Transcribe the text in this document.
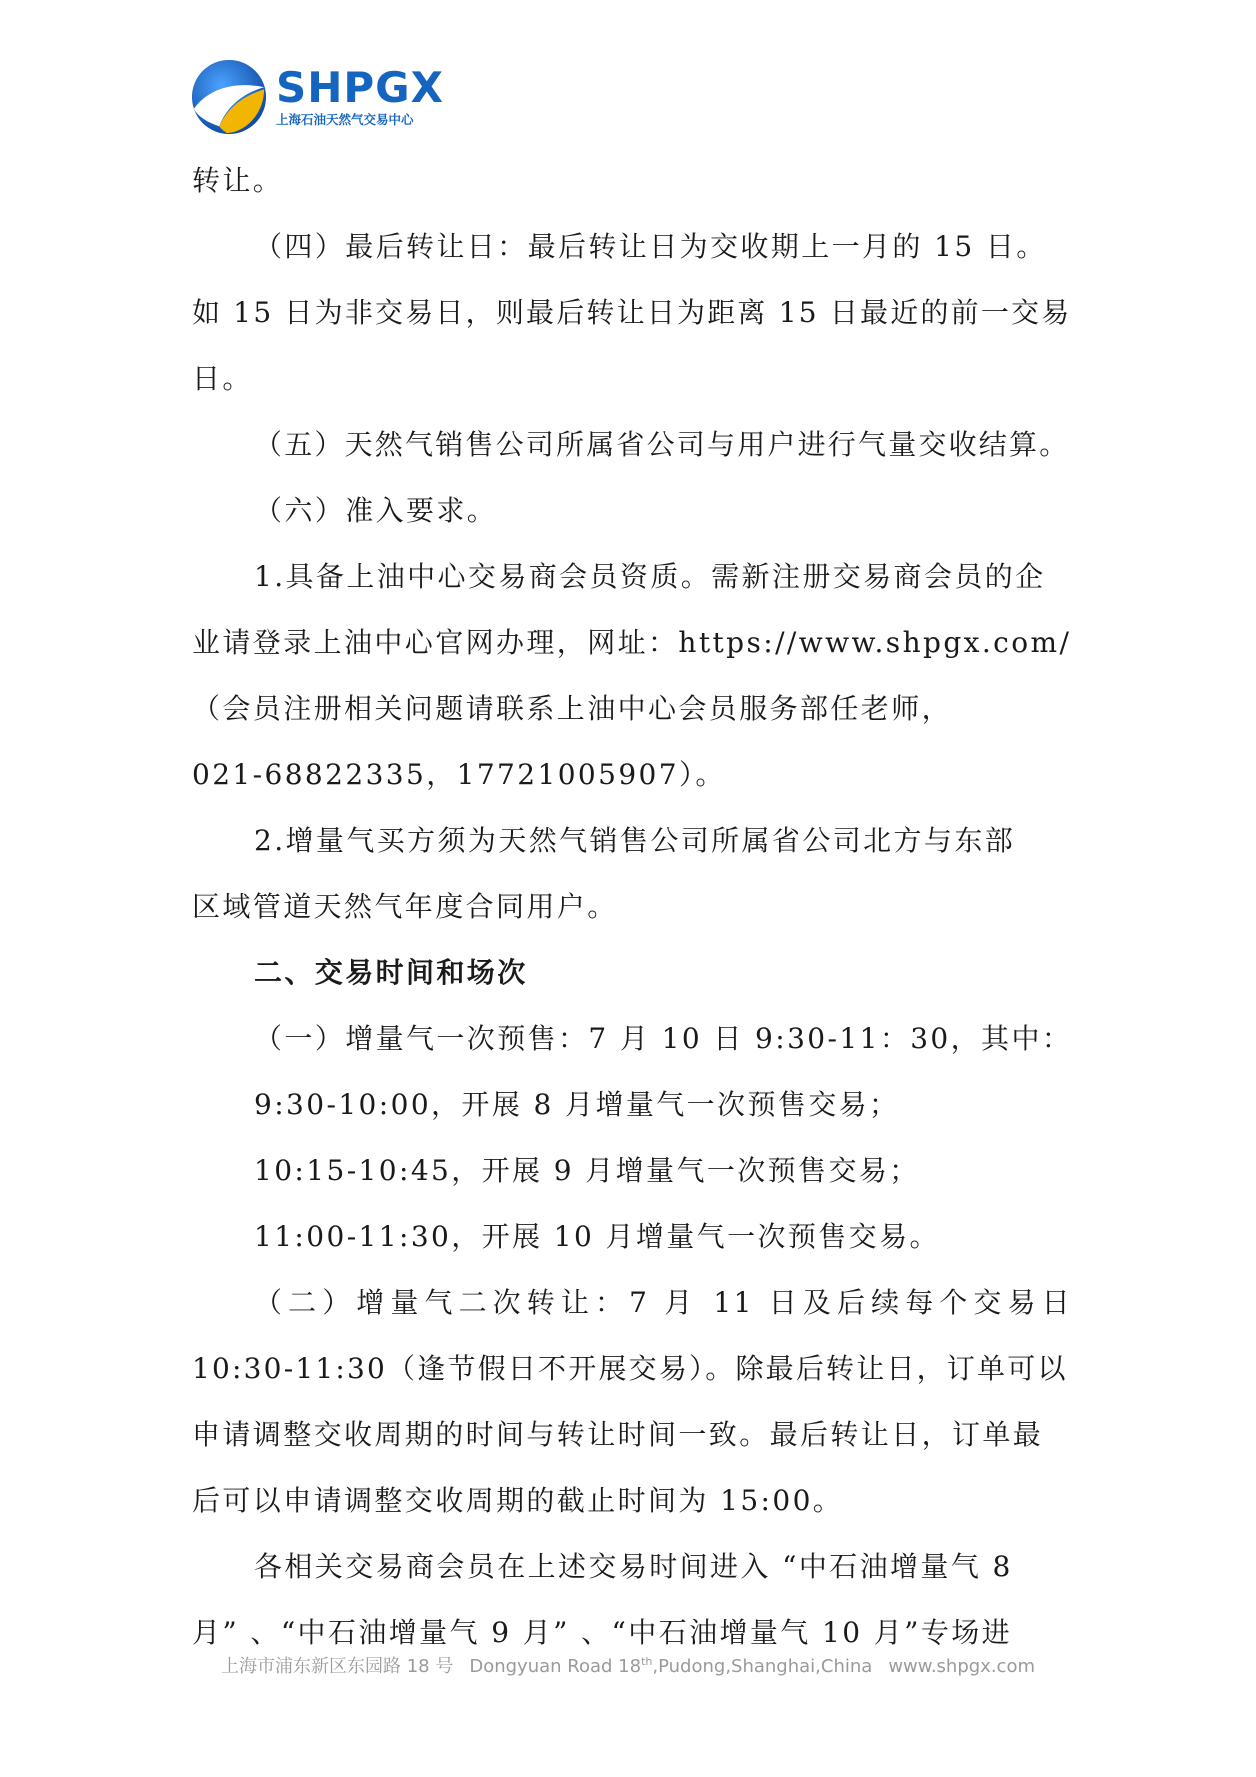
SHPGX
上海石油天然气交易中心
转让。
（四）最后转让日：最后转让日为交收期上一月的 15 日。
如 15 日为非交易日，则最后转让日为距离 15 日最近的前一交易
日。
（五）天然气销售公司所属省公司与用户进行气量交收结算。
（六）准入要求。
1.具备上油中心交易商会员资质。需新注册交易商会员的企
业请登录上油中心官网办理，网址：https://www.shpgx.com/
（会员注册相关问题请联系上油中心会员服务部任老师，
021-68822335，17721005907）。
2.增量气买方须为天然气销售公司所属省公司北方与东部
区域管道天然气年度合同用户。
二、交易时间和场次
（一）增量气一次预售：7 月 10 日 9:30-11：30，其中：
9:30-10:00，开展 8 月增量气一次预售交易；
10:15-10:45，开展 9 月增量气一次预售交易；
11:00-11:30，开展 10 月增量气一次预售交易。
（二）增量气二次转让：7 月 11 日及后续每个交易日
10:30-11:30（逢节假日不开展交易）。除最后转让日，订单可以
申请调整交收周期的时间与转让时间一致。最后转让日，订单最
后可以申请调整交收周期的截止时间为 15:00。
各相关交易商会员在上述交易时间进入 “中石油增量气 8
月” 、“中石油增量气 9 月” 、“中石油增量气 10 月”专场进
上海市浦东新区东园路 18 号 Dongyuan Road 18th,Pudong,Shanghai,China www.shpgx.com
